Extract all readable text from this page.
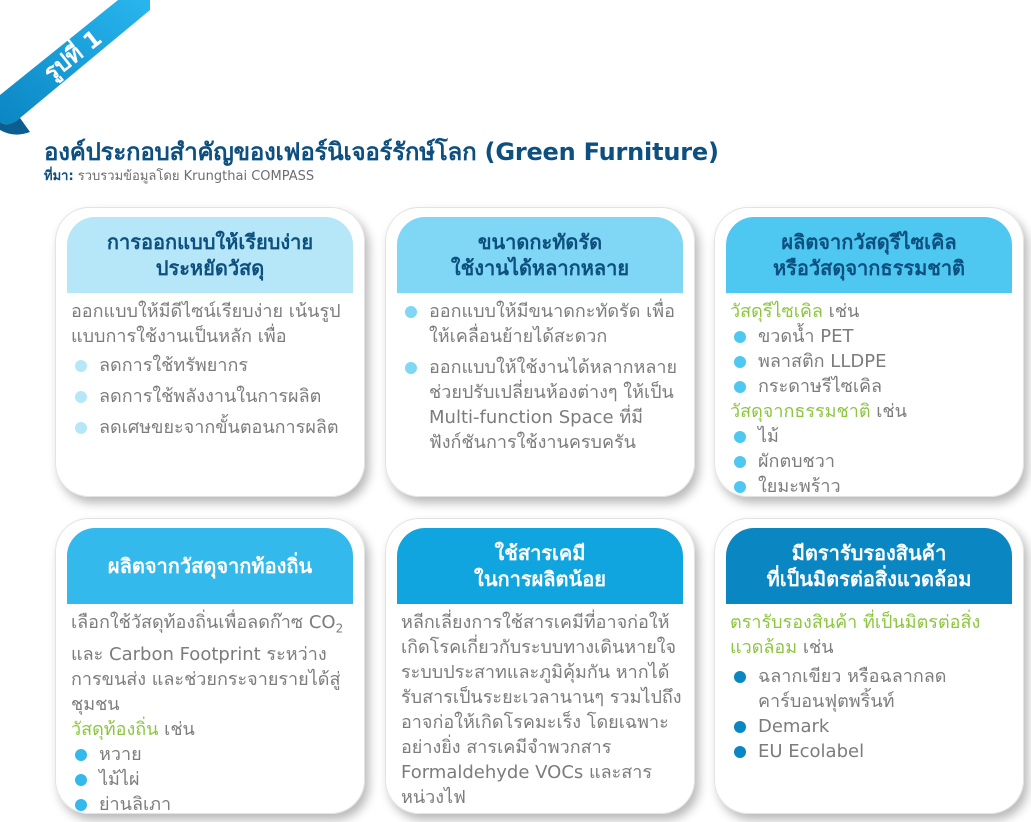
รูปที่ 1
องค์ประกอบสำคัญของเฟอร์นิเจอร์รักษ์โลก (Green Furniture)
ที่มา: รวบรวมข้อมูลโดย Krungthai COMPASS
การออกแบบให้เรียบง่าย
ประหยัดวัสดุ
ออกแบบให้มีดีไซน์เรียบง่าย เน้นรูปแบบการใช้งานเป็นหลัก เพื่อ
ลดการใช้ทรัพยากร
ลดการใช้พลังงานในการผลิต
ลดเศษขยะจากขั้นตอนการผลิต
ขนาดกะทัดรัด
ใช้งานได้หลากหลาย
ออกแบบให้มีขนาดกะทัดรัด เพื่อให้เคลื่อนย้ายได้สะดวก
ออกแบบให้ใช้งานได้หลากหลาย ช่วยปรับเปลี่ยนห้องต่างๆ ให้เป็น Multi-function Space ที่มีฟังก์ชันการใช้งานครบครัน
ผลิตจากวัสดุรีไซเคิล
หรือวัสดุจากธรรมชาติ
วัสดุรีไซเคิล เช่น
ขวดน้ำ PET
พลาสติก LLDPE
กระดาษรีไซเคิล
วัสดุจากธรรมชาติ เช่น
ไม้
ผักตบชวา
ใยมะพร้าว
ผลิตจากวัสดุจากท้องถิ่น
เลือกใช้วัสดุท้องถิ่นเพื่อลดก๊าซ $CO_2$ และ Carbon Footprint ระหว่างการขนส่ง และช่วยกระจายรายได้สู่ชุมชน
วัสดุท้องถิ่น เช่น
หวาย
ไม้ไผ่
ย่านลิเภา
ใช้สารเคมี
ในการผลิตน้อย
หลีกเลี่ยงการใช้สารเคมีที่อาจก่อให้เกิดโรคเกี่ยวกับระบบทางเดินหายใจ ระบบประสาทและภูมิคุ้มกัน หากได้รับสารเป็นระยะเวลานานๆ รวมไปถึงอาจก่อให้เกิดโรคมะเร็ง โดยเฉพาะอย่างยิ่ง สารเคมีจำพวกสาร Formaldehyde VOCs และสารหน่วงไฟ
มีตรารับรองสินค้า
ที่เป็นมิตรต่อสิ่งแวดล้อม
ตรารับรองสินค้า ที่เป็นมิตรต่อสิ่งแวดล้อม เช่น
ฉลากเขียว หรือฉลากลดคาร์บอนฟุตพริ้นท์
Demark
EU Ecolabel
